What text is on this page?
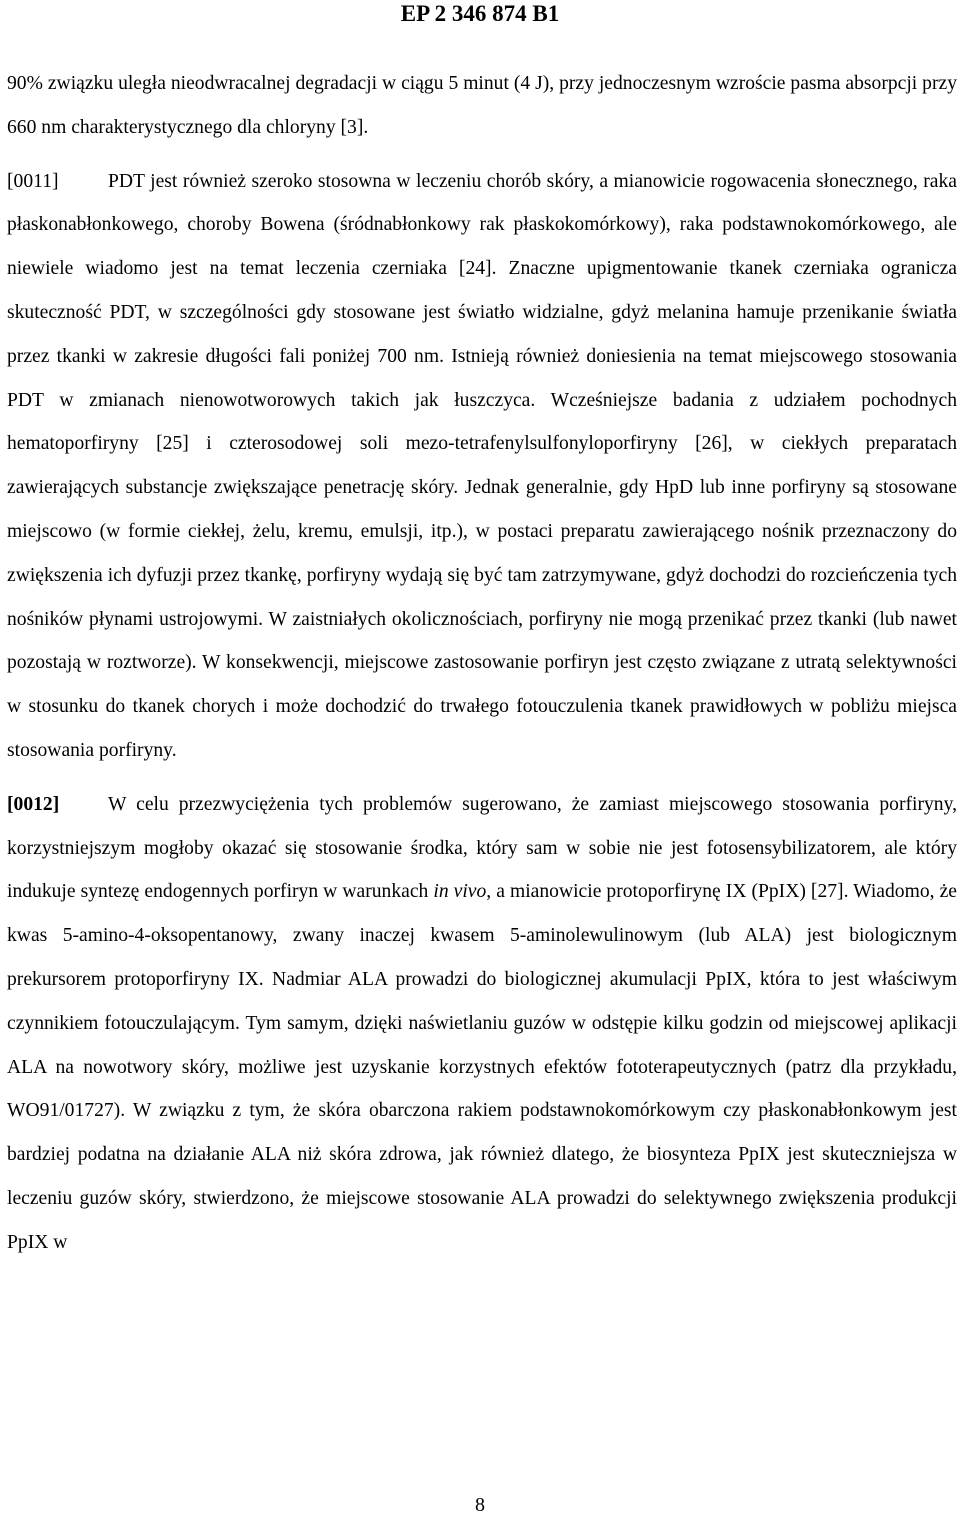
EP 2 346 874 B1

90% związku uległa nieodwracalnej degradacji w ciągu 5 minut (4 J), przy jednoczesnym wzroście pasma absorpcji przy 660 nm charakterystycznego dla chloryny [3].

[0011]	PDT jest również szeroko stosowna w leczeniu chorób skóry, a mianowicie rogowacenia słonecznego, raka płaskonabłonkowego, choroby Bowena (śródnabłonkowy rak płaskokomórkowy), raka podstawnokomórkowego, ale niewiele wiadomo jest na temat leczenia czerniaka [24]. Znaczne upigmentowanie tkanek czerniaka ogranicza skuteczność PDT, w szczególności gdy stosowane jest światło widzialne, gdyż melanina hamuje przenikanie światła przez tkanki w zakresie długości fali poniżej 700 nm. Istnieją również doniesienia na temat miejscowego stosowania PDT w zmianach nienowotworowych takich jak łuszczyca. Wcześniejsze badania z udziałem pochodnych hematoporfiryny [25] i czterosodowej soli mezo-tetrafenylsulfonyloporfiryny [26], w ciekłych preparatach zawierających substancje zwiększające penetrację skóry. Jednak generalnie, gdy HpD lub inne porfiryny są stosowane miejscowo (w formie ciekłej, żelu, kremu, emulsji, itp.), w postaci preparatu zawierającego nośnik przeznaczony do zwiększenia ich dyfuzji przez tkankę, porfiryny wydają się być tam zatrzymywane, gdyż dochodzi do rozcieńczenia tych nośników płynami ustrojowymi. W zaistniałych okolicznościach, porfiryny nie mogą przenikać przez tkanki (lub nawet pozostają w roztworze). W konsekwencji, miejscowe zastosowanie porfiryn jest często związane z utratą selektywności w stosunku do tkanek chorych i może dochodzić do trwałego fotouczulenia tkanek prawidłowych w pobliżu miejsca stosowania porfiryny.

[0012] W celu przezwyciężenia tych problemów sugerowano, że zamiast miejscowego stosowania porfiryny, korzystniejszym mogłoby okazać się stosowanie środka, który sam w sobie nie jest fotosensybilizatorem, ale który indukuje syntezę endogennych porfiryn w warunkach in vivo, a mianowicie protoporfirynę IX (PpIX) [27]. Wiadomo, że kwas 5-amino-4-oksopentanowy, zwany inaczej kwasem 5-aminolewulinowym (lub ALA) jest biologicznym prekursorem protoporfiryny IX. Nadmiar ALA prowadzi do biologicznej akumulacji PpIX, która to jest właściwym czynnikiem fotouczulającym. Tym samym, dzięki naświetlaniu guzów w odstępie kilku godzin od miejscowej aplikacji ALA na nowotwory skóry, możliwe jest uzyskanie korzystnych efektów fototerapeutycznych (patrz dla przykładu, WO91/01727). W związku z tym, że skóra obarczona rakiem podstawnokomórkowym czy płaskonabłonkowym jest bardziej podatna na działanie ALA niż skóra zdrowa, jak również dlatego, że biosynteza PpIX jest skuteczniejsza w leczeniu guzów skóry, stwierdzono, że miejscowe stosowanie ALA prowadzi do selektywnego zwiększenia produkcji PpIX w

8
